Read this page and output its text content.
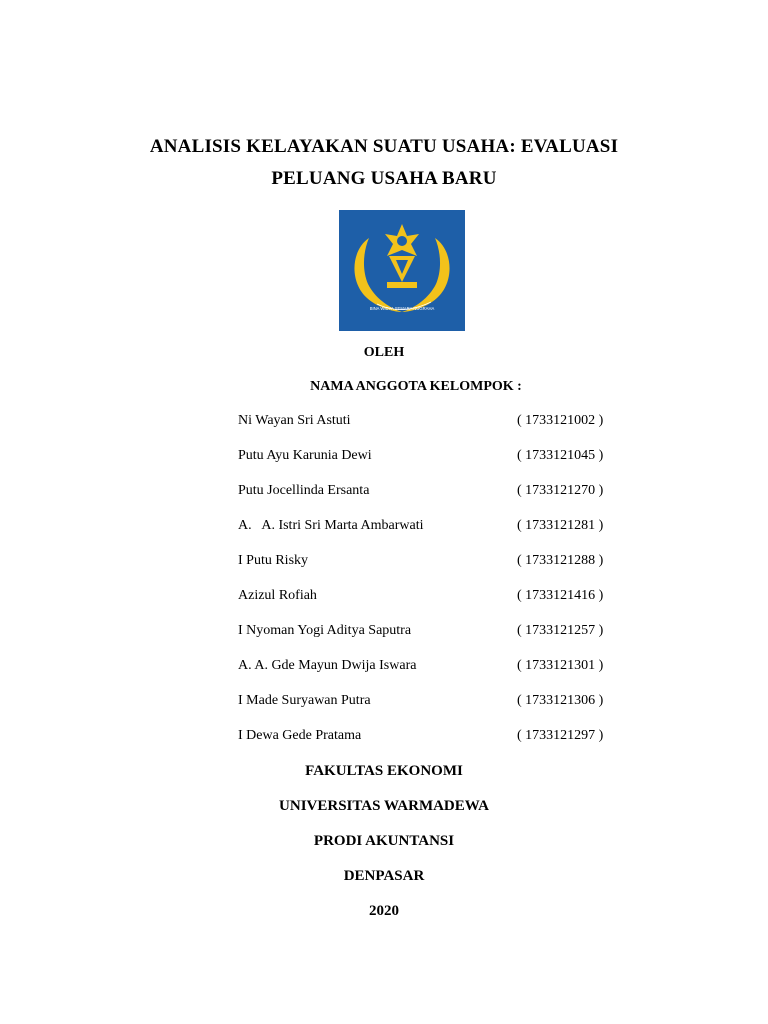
ANALISIS KELAYAKAN SUATU USAHA: EVALUASI
PELUANG USAHA BARU
BINA WIDYA SEMARA NUGRAHA
OLEH
NAMA ANGGOTA KELOMPOK :
Ni Wayan Sri Astuti	( 1733121002 )
Putu Ayu Karunia Dewi	( 1733121045 )
Putu Jocellinda Ersanta	( 1733121270 )
A.   A. Istri Sri Marta Ambarwati	( 1733121281 )
I Putu Risky	( 1733121288 )
Azizul Rofiah	( 1733121416 )
I Nyoman Yogi Aditya Saputra	( 1733121257 )
A. A. Gde Mayun Dwija Iswara	( 1733121301 )
I Made Suryawan Putra	( 1733121306 )
I Dewa Gede Pratama	( 1733121297 )
FAKULTAS EKONOMI
UNIVERSITAS WARMADEWA
PRODI AKUNTANSI
DENPASAR
2020
